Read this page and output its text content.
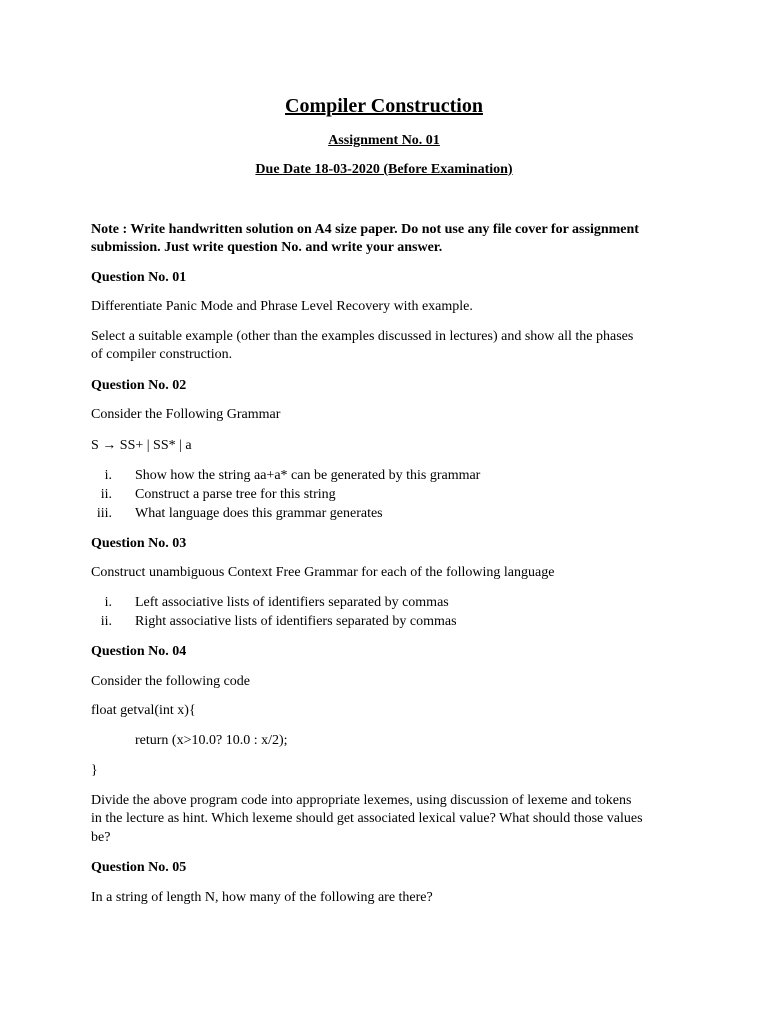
Compiler Construction
Assignment No. 01
Due Date 18-03-2020 (Before Examination)
Note : Write handwritten solution on A4 size paper. Do not use any file cover for assignment
submission. Just write question No. and write your answer.
Question No. 01
Differentiate Panic Mode and Phrase Level Recovery with example.
Select a suitable example (other than the examples discussed in lectures) and show all the phases
of compiler construction.
Question No. 02
Consider the Following Grammar
S → SS+ | SS* | a
i. Show how the string aa+a* can be generated by this grammar
ii. Construct a parse tree for this string
iii. What language does this grammar generates
Question No. 03
Construct unambiguous Context Free Grammar for each of the following language
i. Left associative lists of identifiers separated by commas
ii. Right associative lists of identifiers separated by commas
Question No. 04
Consider the following code
float getval(int x){
return (x>10.0? 10.0 : x/2);
}
Divide the above program code into appropriate lexemes, using discussion of lexeme and tokens
in the lecture as hint. Which lexeme should get associated lexical value? What should those values
be?
Question No. 05
In a string of length N, how many of the following are there?
